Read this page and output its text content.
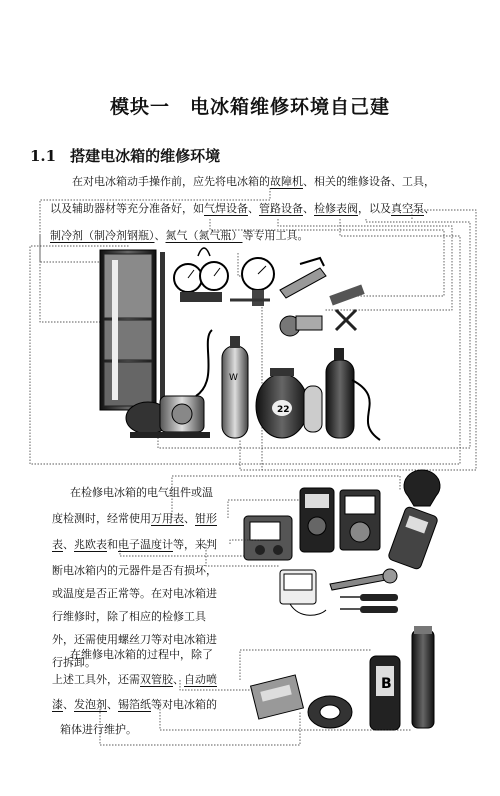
模块一　电冰箱维修环境自己建
1.1 搭建电冰箱的维修环境
在对电冰箱动手操作前，应先将电冰箱的故障机、相关的维修设备、工具，
以及辅助器材等充分准备好，如气焊设备、管路设备、检修表阀，以及真空泵、
制冷剂（制冷剂钢瓶）、氮气（氮气瓶）等专用工具。
在检修电冰箱的电气组件或温
度检测时，经常使用万用表、钳形
表、兆欧表和电子温度计等，来判
断电冰箱内的元器件是否有损坏，
或温度是否正常等。在对电冰箱进
行维修时，除了相应的检修工具
外，还需使用螺丝刀等对电冰箱进
行拆卸。
在维修电冰箱的过程中，除了
上述工具外，还需双管胶、自动喷
漆、发泡剂、锡箔纸等对电冰箱的
箱体进行维护。
W
22
B
